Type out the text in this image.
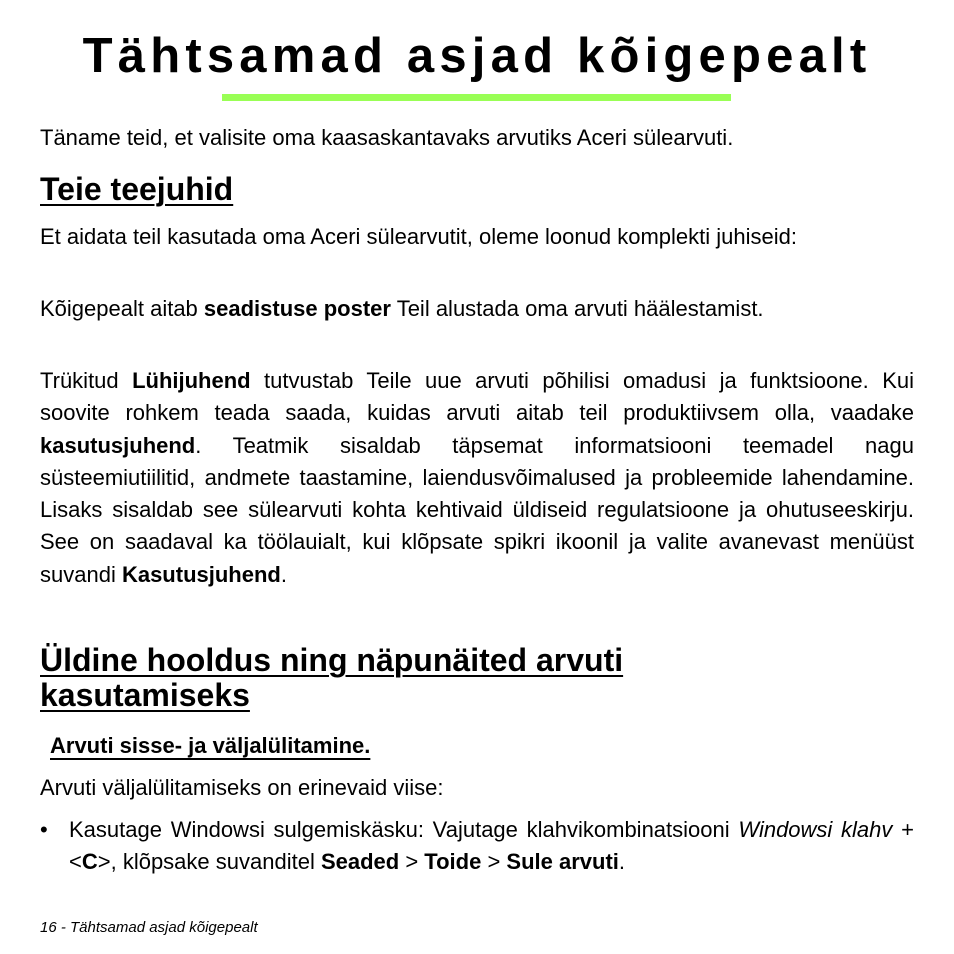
Tähtsamad asjad kõigepealt

Täname teid, et valisite oma kaasaskantavaks arvutiks Aceri sülearvuti.

Teie teejuhid

Et aidata teil kasutada oma Aceri sülearvutit, oleme loonud komplekti juhiseid:

Kõigepealt aitab seadistuse poster Teil alustada oma arvuti häälestamist.

Trükitud Lühijuhend tutvustab Teile uue arvuti põhilisi omadusi ja funktsioone. Kui soovite rohkem teada saada, kuidas arvuti aitab teil produktiivsem olla, vaadake kasutusjuhend. Teatmik sisaldab täpsemat informatsiooni teemadel nagu süsteemiutiilitid, andmete taastamine, laiendusvõimalused ja probleemide lahendamine. Lisaks sisaldab see sülearvuti kohta kehtivaid üldiseid regulatsioone ja ohutuseeskirju. See on saadaval ka töölauialt, kui klõpsate spikri ikoonil ja valite avanevast menüüst suvandi Kasutusjuhend.

Üldine hooldus ning näpunäited arvuti kasutamiseks
Arvuti sisse- ja väljalülitamine.

Arvuti väljalülitamiseks on erinevaid viise:

• Kasutage Windowsi sulgemiskäsku: Vajutage klahvikombinatsiooni Windowsi klahv + <C>, klõpsake suvanditel Seaded > Toide > Sule arvuti.

16 - Tähtsamad asjad kõigepealt
